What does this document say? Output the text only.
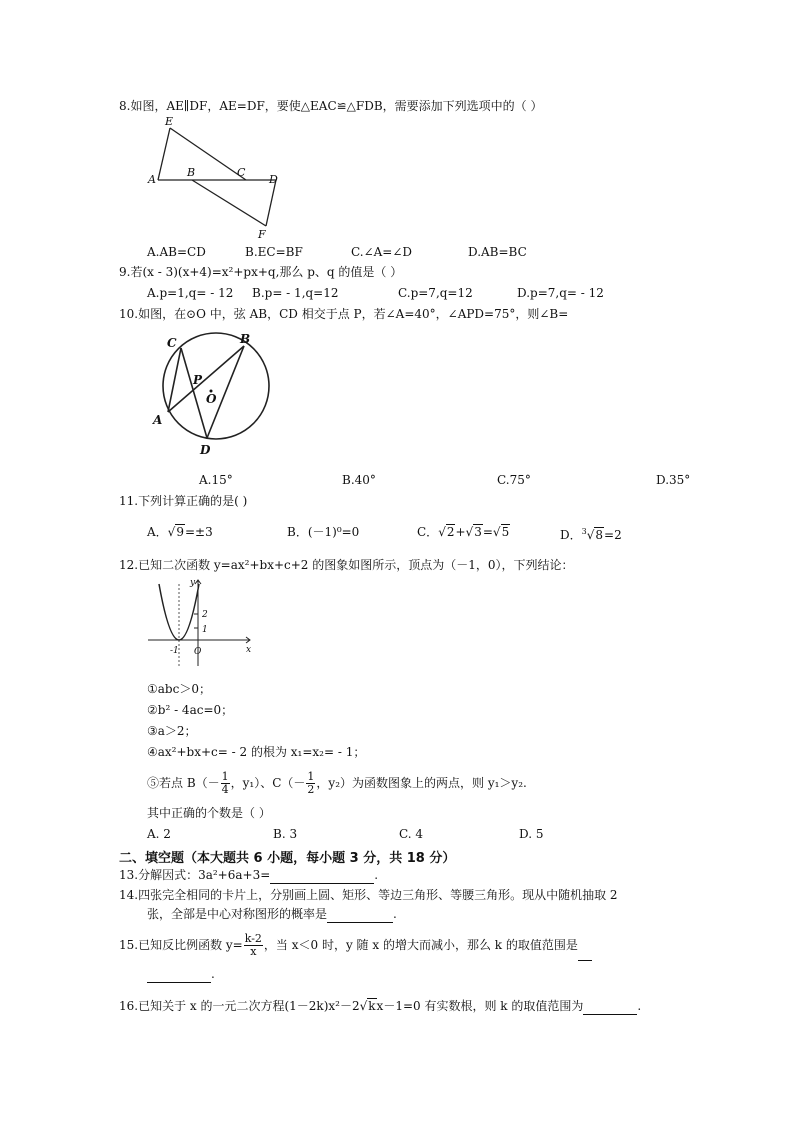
8.如图，AE∥DF，AE=DF，要使△EAC≌△FDB，需要添加下列选项中的（ ）
E
A
B	C
D
F
A.AB=CD	B.EC=BF	C.∠A=∠D	D.AB=BC
9.若(x - 3)(x+4)=x²+px+q,那么 p、q 的值是（ ）
A.p=1,q= - 12 B.p= - 1,q=12	C.p=7,q=12	D.p=7,q= - 12
10.如图，在⊙O 中，弦 AB，CD 相交于点 P，若∠A=40°，∠APD=75°，则∠B=
C	B
P
O
A
D
A.15°	B.40°	C.75°	D.35°
11.下列计算正确的是( )
A．√9=±3	B．(－1)⁰=0	C．√2+√3=√5	D．$^3$√8=2
12.已知二次函数 y=ax²+bx+c+2 的图象如图所示，顶点为（－1，0），下列结论：
y
x
2
1
-1 O
①abc＞0；
②b² - 4ac=0；
③a＞2；
④ax²+bx+c= - 2 的根为 x₁=x₂= - 1；
⑤若点 $B(- \frac{1}{4}$ ，y₁）、$C(- \frac{1}{2}$ ，y₂）为函数图象上的两点，则 y₁＞y₂.
其中正确的个数是（ ）
A. 2	B. 3	C. 4	D. 5
二、填空题（本大题共 6 小题，每小题 3 分，共 18 分）
13.分解因式：3a²+6a+3=	.
14.四张完全相同的卡片上，分别画上圆、矩形、等边三角形、等腰三角形。现从中随机抽取 2
张，全部是中心对称图形的概率是	.
15.已知反比例函数 $y= \frac{k-2}{x}$ ，当 x＜0 时，y 随 x 的增大而减小，那么 k 的取值范围是
.
16.已知关于 x 的一元二次方程(1－2k)x²－2√kx－1=0 有实数根，则 k 的取值范围为	.
